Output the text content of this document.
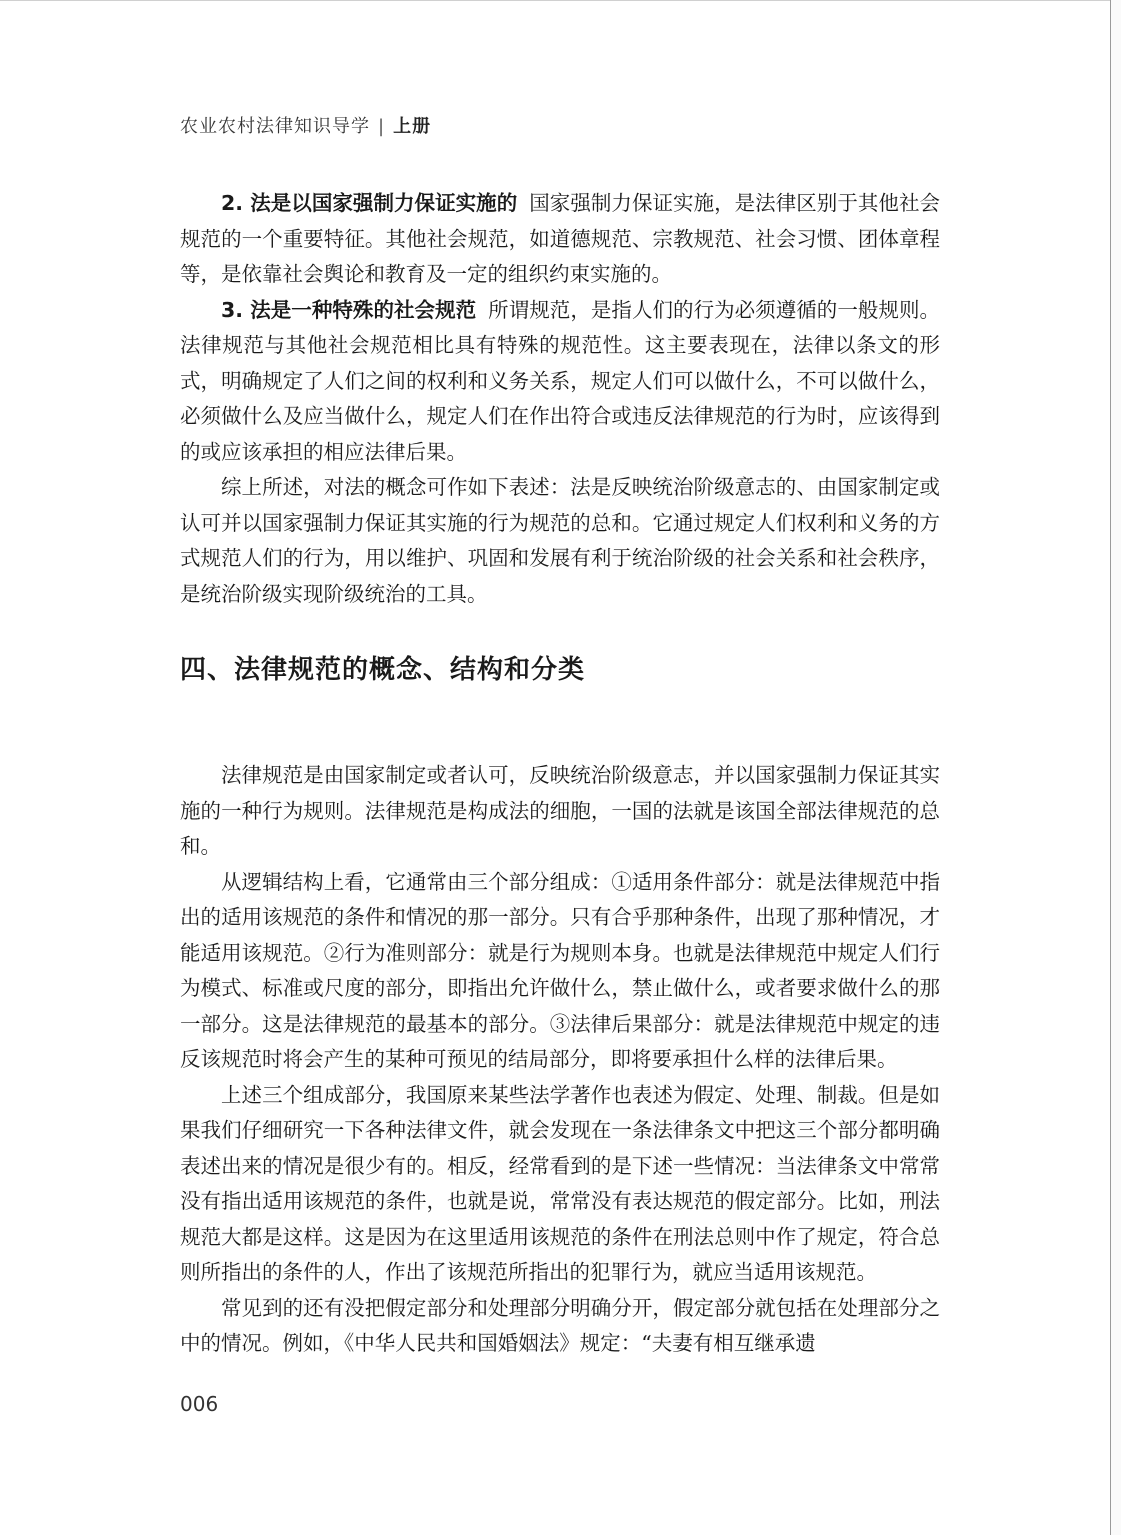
农业农村法律知识导学 | 上册

2. 法是以国家强制力保证实施的 国家强制力保证实施，是法律区别于其他社会规范的一个重要特征。其他社会规范，如道德规范、宗教规范、社会习惯、团体章程等，是依靠社会舆论和教育及一定的组织约束实施的。

3. 法是一种特殊的社会规范 所谓规范，是指人们的行为必须遵循的一般规则。法律规范与其他社会规范相比具有特殊的规范性。这主要表现在，法律以条文的形式，明确规定了人们之间的权利和义务关系，规定人们可以做什么，不可以做什么，必须做什么及应当做什么，规定人们在作出符合或违反法律规范的行为时，应该得到的或应该承担的相应法律后果。

综上所述，对法的概念可作如下表述：法是反映统治阶级意志的、由国家制定或认可并以国家强制力保证其实施的行为规范的总和。它通过规定人们权利和义务的方式规范人们的行为，用以维护、巩固和发展有利于统治阶级的社会关系和社会秩序，是统治阶级实现阶级统治的工具。

四、法律规范的概念、结构和分类

法律规范是由国家制定或者认可，反映统治阶级意志，并以国家强制力保证其实施的一种行为规则。法律规范是构成法的细胞，一国的法就是该国全部法律规范的总和。

从逻辑结构上看，它通常由三个部分组成：①适用条件部分：就是法律规范中指出的适用该规范的条件和情况的那一部分。只有合乎那种条件，出现了那种情况，才能适用该规范。②行为准则部分：就是行为规则本身。也就是法律规范中规定人们行为模式、标准或尺度的部分，即指出允许做什么，禁止做什么，或者要求做什么的那一部分。这是法律规范的最基本的部分。③法律后果部分：就是法律规范中规定的违反该规范时将会产生的某种可预见的结局部分，即将要承担什么样的法律后果。

上述三个组成部分，我国原来某些法学著作也表述为假定、处理、制裁。但是如果我们仔细研究一下各种法律文件，就会发现在一条法律条文中把这三个部分都明确表述出来的情况是很少有的。相反，经常看到的是下述一些情况：当法律条文中常常没有指出适用该规范的条件，也就是说，常常没有表达规范的假定部分。比如，刑法规范大都是这样。这是因为在这里适用该规范的条件在刑法总则中作了规定，符合总则所指出的条件的人，作出了该规范所指出的犯罪行为，就应当适用该规范。

常见到的还有没把假定部分和处理部分明确分开，假定部分就包括在处理部分之中的情况。例如，《中华人民共和国婚姻法》规定：“夫妻有相互继承遗

006
